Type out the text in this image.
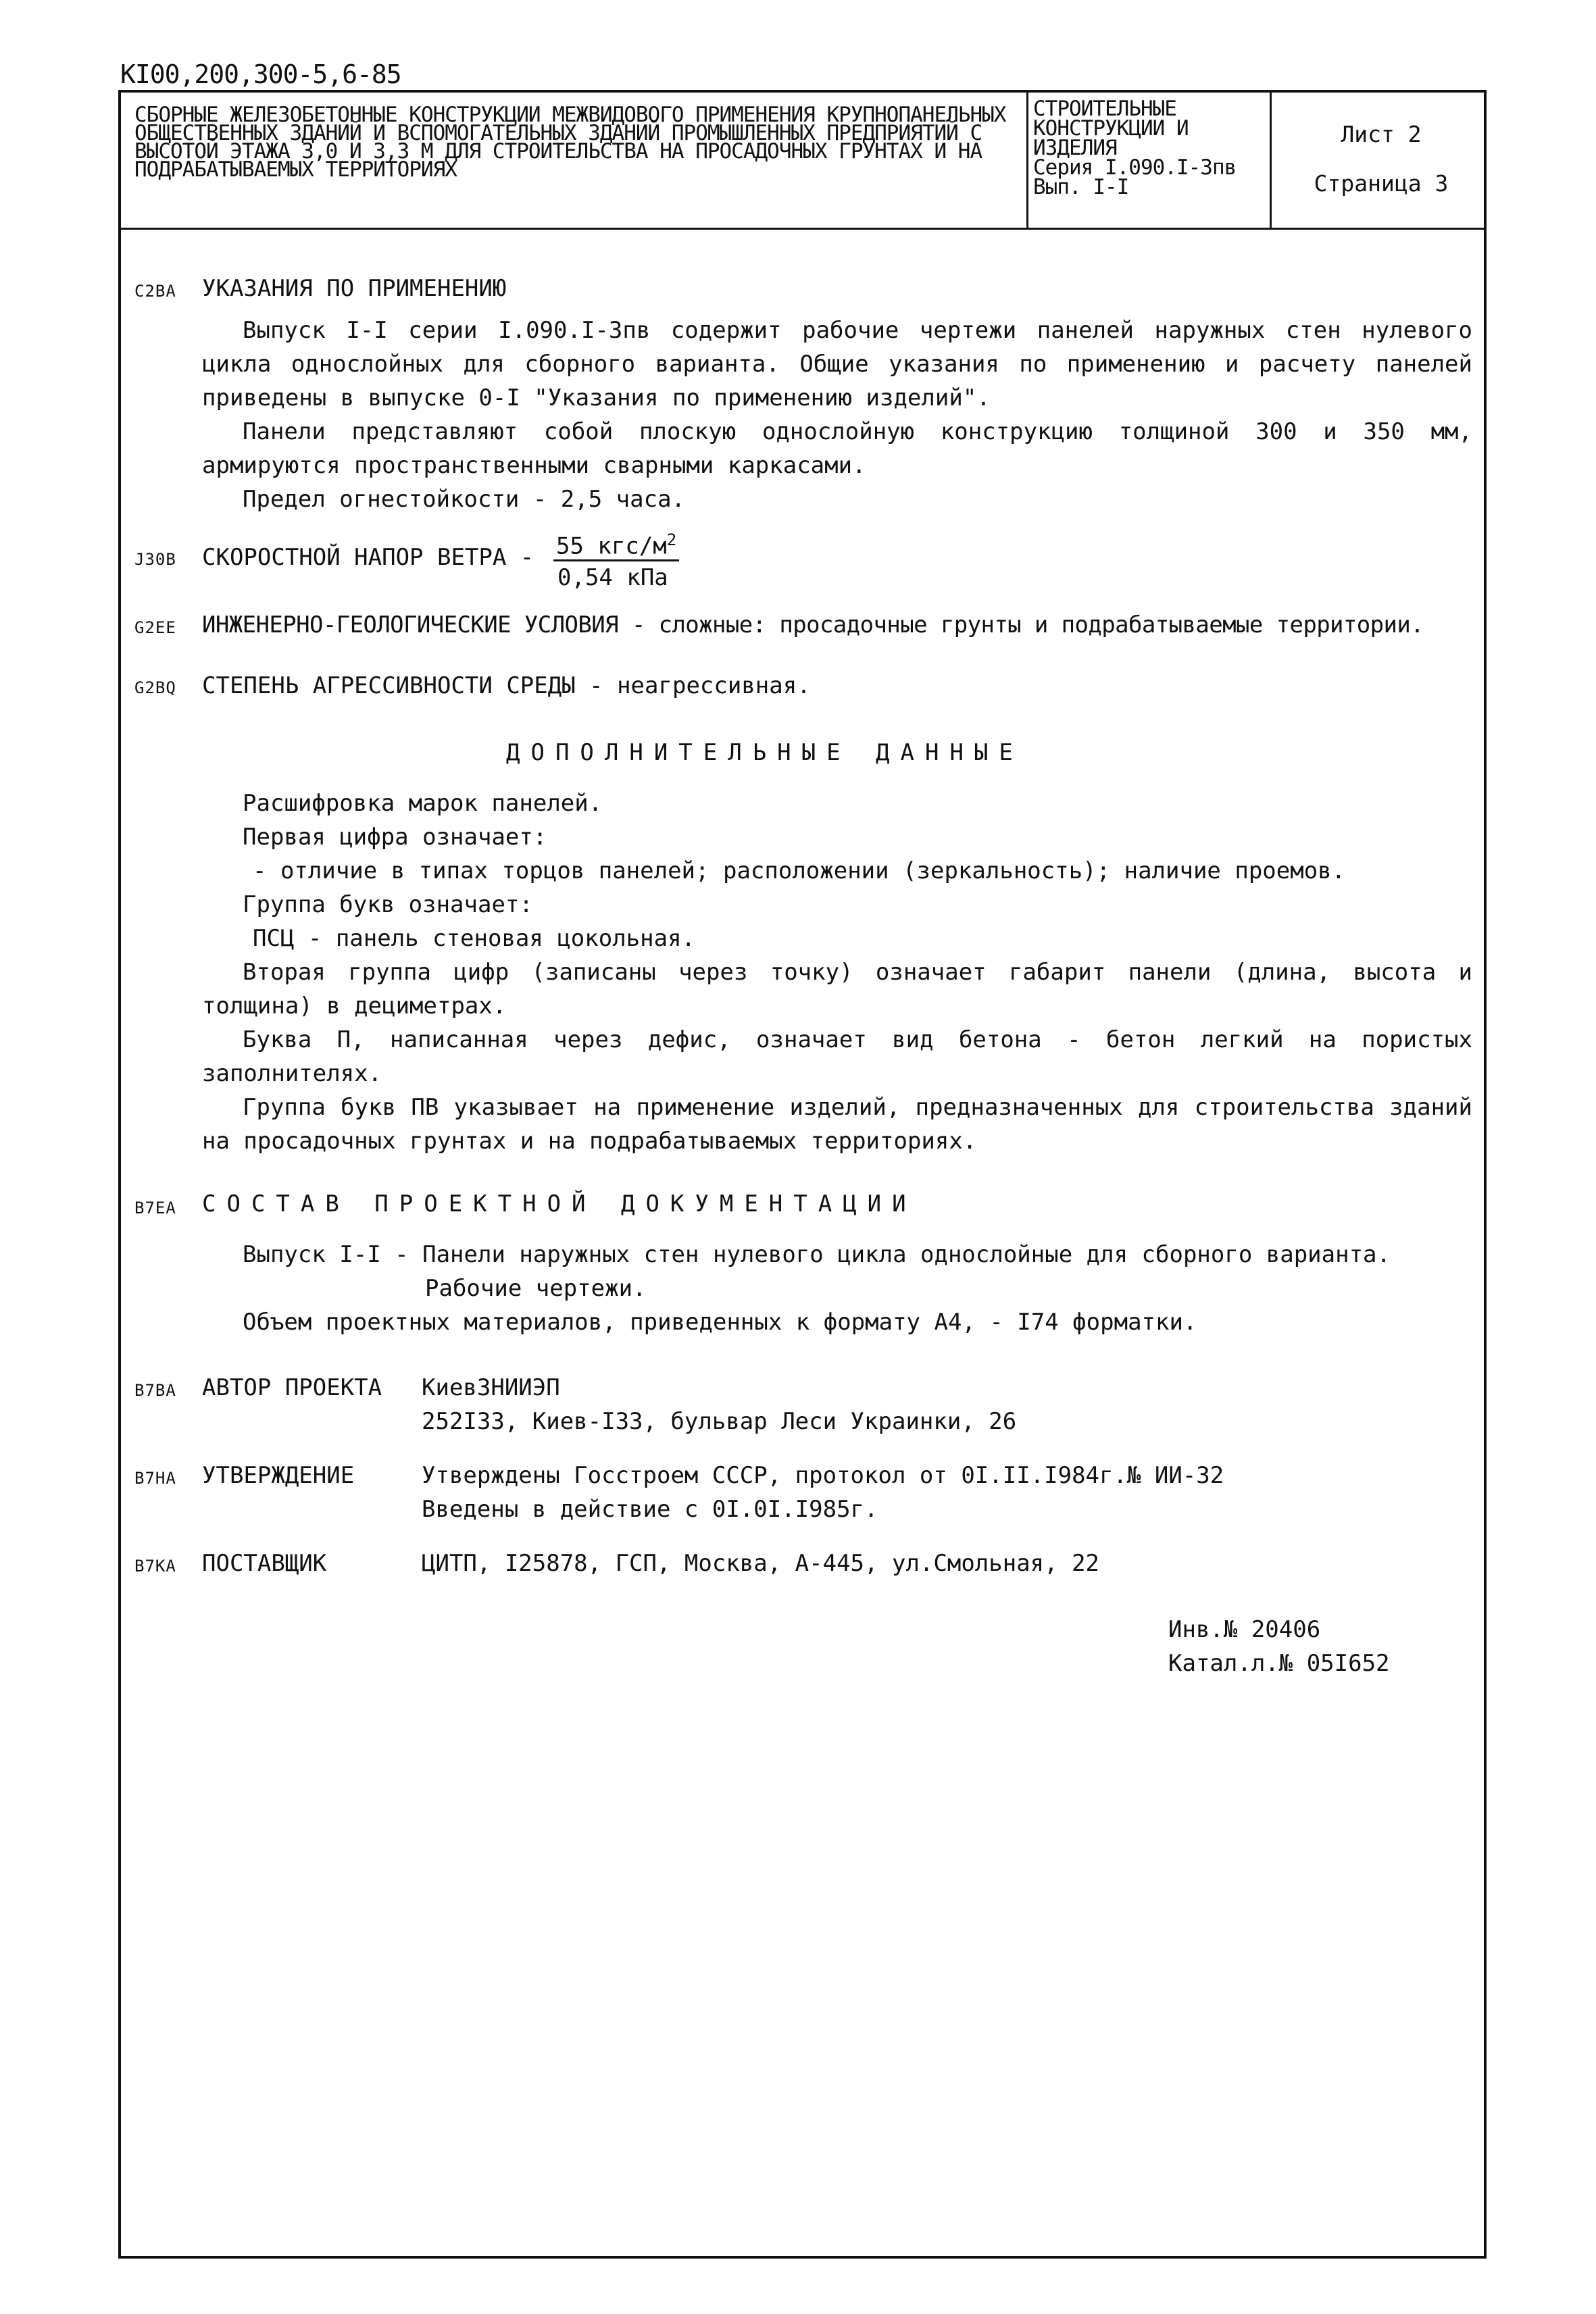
КI00,200,300-5,6-85
СБОРНЫЕ ЖЕЛЕЗОБЕТОННЫЕ КОНСТРУКЦИИ МЕЖВИДОВОГО ПРИМЕНЕНИЯ КРУПНОПАНЕЛЬНЫХ ОБЩЕСТВЕННЫХ ЗДАНИЙ И ВСПОМОГАТЕЛЬНЫХ ЗДАНИЙ ПРОМЫШЛЕННЫХ ПРЕДПРИЯТИЙ С ВЫСОТОЙ ЭТАЖА 3,0 И 3,3 М ДЛЯ СТРОИТЕЛЬСТВА НА ПРОСАДОЧНЫХ ГРУНТАХ И НА ПОДРАБАТЫВАЕМЫХ ТЕРРИТОРИЯХ
СТРОИТЕЛЬНЫЕ
КОНСТРУКЦИИ И
ИЗДЕЛИЯ
Серия I.090.I-3пв
Вып. I-I
Лист 2
Страница 3
С2ВА УКАЗАНИЯ ПО ПРИМЕНЕНИЮ
Выпуск I-I серии I.090.I-3пв содержит рабочие чертежи панелей наружных стен нулевого цикла однослойных для сборного варианта. Общие указания по применению и расчету панелей приведены в выпуске 0-I "Указания по применению изделий".
Панели представляют собой плоскую однослойную конструкцию толщиной 300 и 350 мм, армируются пространственными сварными каркасами.
Предел огнестойкости - 2,5 часа.
J30В СКОРОСТНОЙ НАПОР ВЕТРА - 55 кгс/$м^2$
0,54 кПа
G2ЕЕ ИНЖЕНЕРНО-ГЕОЛОГИЧЕСКИЕ УСЛОВИЯ - сложные: просадочные грунты и подрабатываемые территории.
G2ВQ СТЕПЕНЬ АГРЕССИВНОСТИ СРЕДЫ - неагрессивная.
ДОПОЛНИТЕЛЬНЫЕ ДАННЫЕ
Расшифровка марок панелей.
Первая цифра означает:
- отличие в типах торцов панелей; расположении (зеркальность); наличие проемов.
Группа букв означает:
ПСЦ - панель стеновая цокольная.
Вторая группа цифр (записаны через точку) означает габарит панели (длина, высота и толщина) в дециметрах.
Буква П, написанная через дефис, означает вид бетона - бетон легкий на пористых заполнителях.
Группа букв ПВ указывает на применение изделий, предназначенных для строительства зданий на просадочных грунтах и на подрабатываемых территориях.
В7ЕА СОСТАВ ПРОЕКТНОЙ ДОКУМЕНТАЦИИ
Выпуск I-I - Панели наружных стен нулевого цикла однослойные для сборного варианта.
Рабочие чертежи.
Объем проектных материалов, приведенных к формату А4, - I74 форматки.
В7ВА АВТОР ПРОЕКТА КиевЗНИИЭП
252I33, Киев-I33, бульвар Леси Украинки, 26
В7НА УТВЕРЖДЕНИЕ	Утверждены Госстроем СССР, протокол от 0I.II.I984г.№ ИИ-32
Введены в действие с 0I.0I.I985г.
В7КА ПОСТАВЩИК	ЦИТП, I25878, ГСП, Москва, А-445, ул.Смольная, 22
Инв.№ 20406
Катал.л.№ 05I652
